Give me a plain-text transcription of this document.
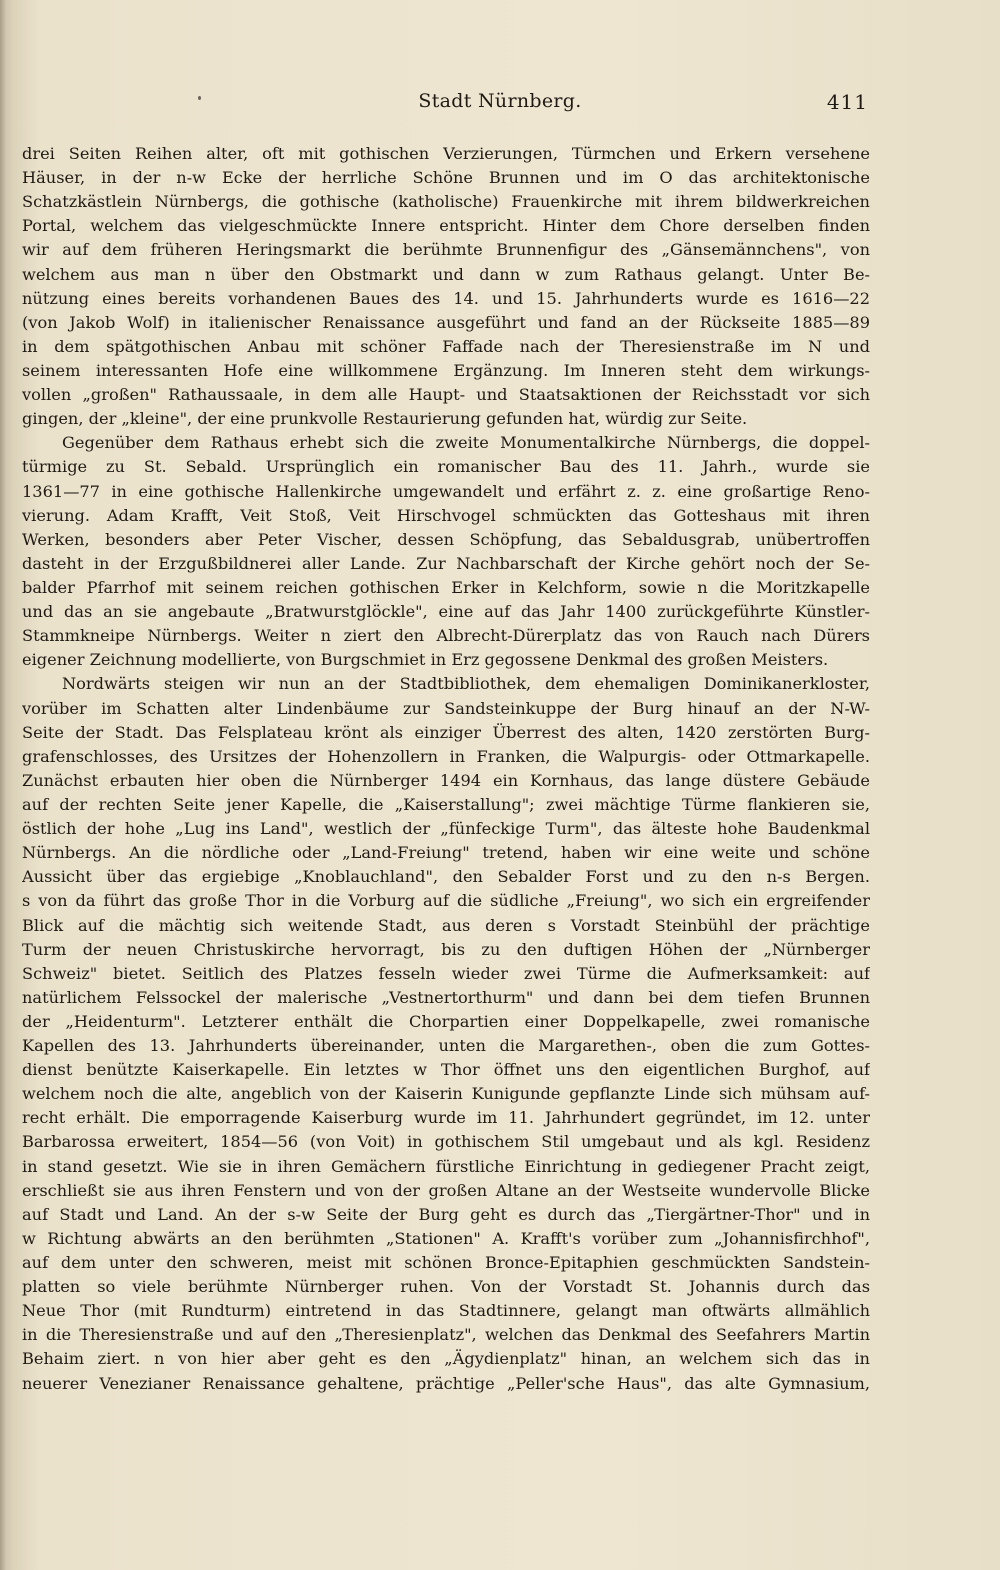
Stadt Nürnberg.	411
drei Seiten Reihen alter, oft mit gothischen Verzierungen, Türmchen und Erkern versehene
Häuser, in der n-w Ecke der herrliche Schöne Brunnen und im O das architektonische
Schatzkästlein Nürnbergs, die gothische (katholische) Frauenkirche mit ihrem bildwerkreichen
Portal, welchem das vielgeschmückte Innere entspricht. Hinter dem Chore derselben finden
wir auf dem früheren Heringsmarkt die berühmte Brunnenfigur des „Gänsemännchens", von
welchem aus man n über den Obstmarkt und dann w zum Rathaus gelangt. Unter Be-
nützung eines bereits vorhandenen Baues des 14. und 15. Jahrhunderts wurde es 1616—22
(von Jakob Wolf) in italienischer Renaissance ausgeführt und fand an der Rückseite 1885—89
in dem spätgothischen Anbau mit schöner Faffade nach der Theresienstraße im N und
seinem interessanten Hofe eine willkommene Ergänzung. Im Inneren steht dem wirkungs-
vollen „großen" Rathaussaale, in dem alle Haupt- und Staatsaktionen der Reichsstadt vor sich
gingen, der „kleine", der eine prunkvolle Restaurierung gefunden hat, würdig zur Seite.
Gegenüber dem Rathaus erhebt sich die zweite Monumentalkirche Nürnbergs, die doppel-
türmige zu St. Sebald. Ursprünglich ein romanischer Bau des 11. Jahrh., wurde sie
1361—77 in eine gothische Hallenkirche umgewandelt und erfährt z. z. eine großartige Reno-
vierung. Adam Krafft, Veit Stoß, Veit Hirschvogel schmückten das Gotteshaus mit ihren
Werken, besonders aber Peter Vischer, dessen Schöpfung, das Sebaldusgrab, unübertroffen
dasteht in der Erzgußbildnerei aller Lande. Zur Nachbarschaft der Kirche gehört noch der Se-
balder Pfarrhof mit seinem reichen gothischen Erker in Kelchform, sowie n die Moritzkapelle
und das an sie angebaute „Bratwurstglöckle", eine auf das Jahr 1400 zurückgeführte Künstler-
Stammkneipe Nürnbergs. Weiter n ziert den Albrecht-Dürerplatz das von Rauch nach Dürers
eigener Zeichnung modellierte, von Burgschmiet in Erz gegossene Denkmal des großen Meisters.
Nordwärts steigen wir nun an der Stadtbibliothek, dem ehemaligen Dominikanerkloster,
vorüber im Schatten alter Lindenbäume zur Sandsteinkuppe der Burg hinauf an der N-W-
Seite der Stadt. Das Felsplateau krönt als einziger Überrest des alten, 1420 zerstörten Burg-
grafenschlosses, des Ursitzes der Hohenzollern in Franken, die Walpurgis- oder Ottmarkapelle.
Zunächst erbauten hier oben die Nürnberger 1494 ein Kornhaus, das lange düstere Gebäude
auf der rechten Seite jener Kapelle, die „Kaiserstallung"; zwei mächtige Türme flankieren sie,
östlich der hohe „Lug ins Land", westlich der „fünfeckige Turm", das älteste hohe Baudenkmal
Nürnbergs. An die nördliche oder „Land-Freiung" tretend, haben wir eine weite und schöne
Aussicht über das ergiebige „Knoblauchland", den Sebalder Forst und zu den n-s Bergen.
s von da führt das große Thor in die Vorburg auf die südliche „Freiung", wo sich ein ergreifender
Blick auf die mächtig sich weitende Stadt, aus deren s Vorstadt Steinbühl der prächtige
Turm der neuen Christuskirche hervorragt, bis zu den duftigen Höhen der „Nürnberger
Schweiz" bietet. Seitlich des Platzes fesseln wieder zwei Türme die Aufmerksamkeit: auf
natürlichem Felssockel der malerische „Vestnertorthurm" und dann bei dem tiefen Brunnen
der „Heidenturm". Letzterer enthält die Chorpartien einer Doppelkapelle, zwei romanische
Kapellen des 13. Jahrhunderts übereinander, unten die Margarethen-, oben die zum Gottes-
dienst benützte Kaiserkapelle. Ein letztes w Thor öffnet uns den eigentlichen Burghof, auf
welchem noch die alte, angeblich von der Kaiserin Kunigunde gepflanzte Linde sich mühsam auf-
recht erhält. Die emporragende Kaiserburg wurde im 11. Jahrhundert gegründet, im 12. unter
Barbarossa erweitert, 1854—56 (von Voit) in gothischem Stil umgebaut und als kgl. Residenz
in stand gesetzt. Wie sie in ihren Gemächern fürstliche Einrichtung in gediegener Pracht zeigt,
erschließt sie aus ihren Fenstern und von der großen Altane an der Westseite wundervolle Blicke
auf Stadt und Land. An der s-w Seite der Burg geht es durch das „Tiergärtner-Thor" und in
w Richtung abwärts an den berühmten „Stationen" A. Krafft's vorüber zum „Johannisfirchhof",
auf dem unter den schweren, meist mit schönen Bronce-Epitaphien geschmückten Sandstein-
platten so viele berühmte Nürnberger ruhen. Von der Vorstadt St. Johannis durch das
Neue Thor (mit Rundturm) eintretend in das Stadtinnere, gelangt man oftwärts allmählich
in die Theresienstraße und auf den „Theresienplatz", welchen das Denkmal des Seefahrers Martin
Behaim ziert. n von hier aber geht es den „Ägydienplatz" hinan, an welchem sich das in
neuerer Venezianer Renaissance gehaltene, prächtige „Peller'sche Haus", das alte Gymnasium,
